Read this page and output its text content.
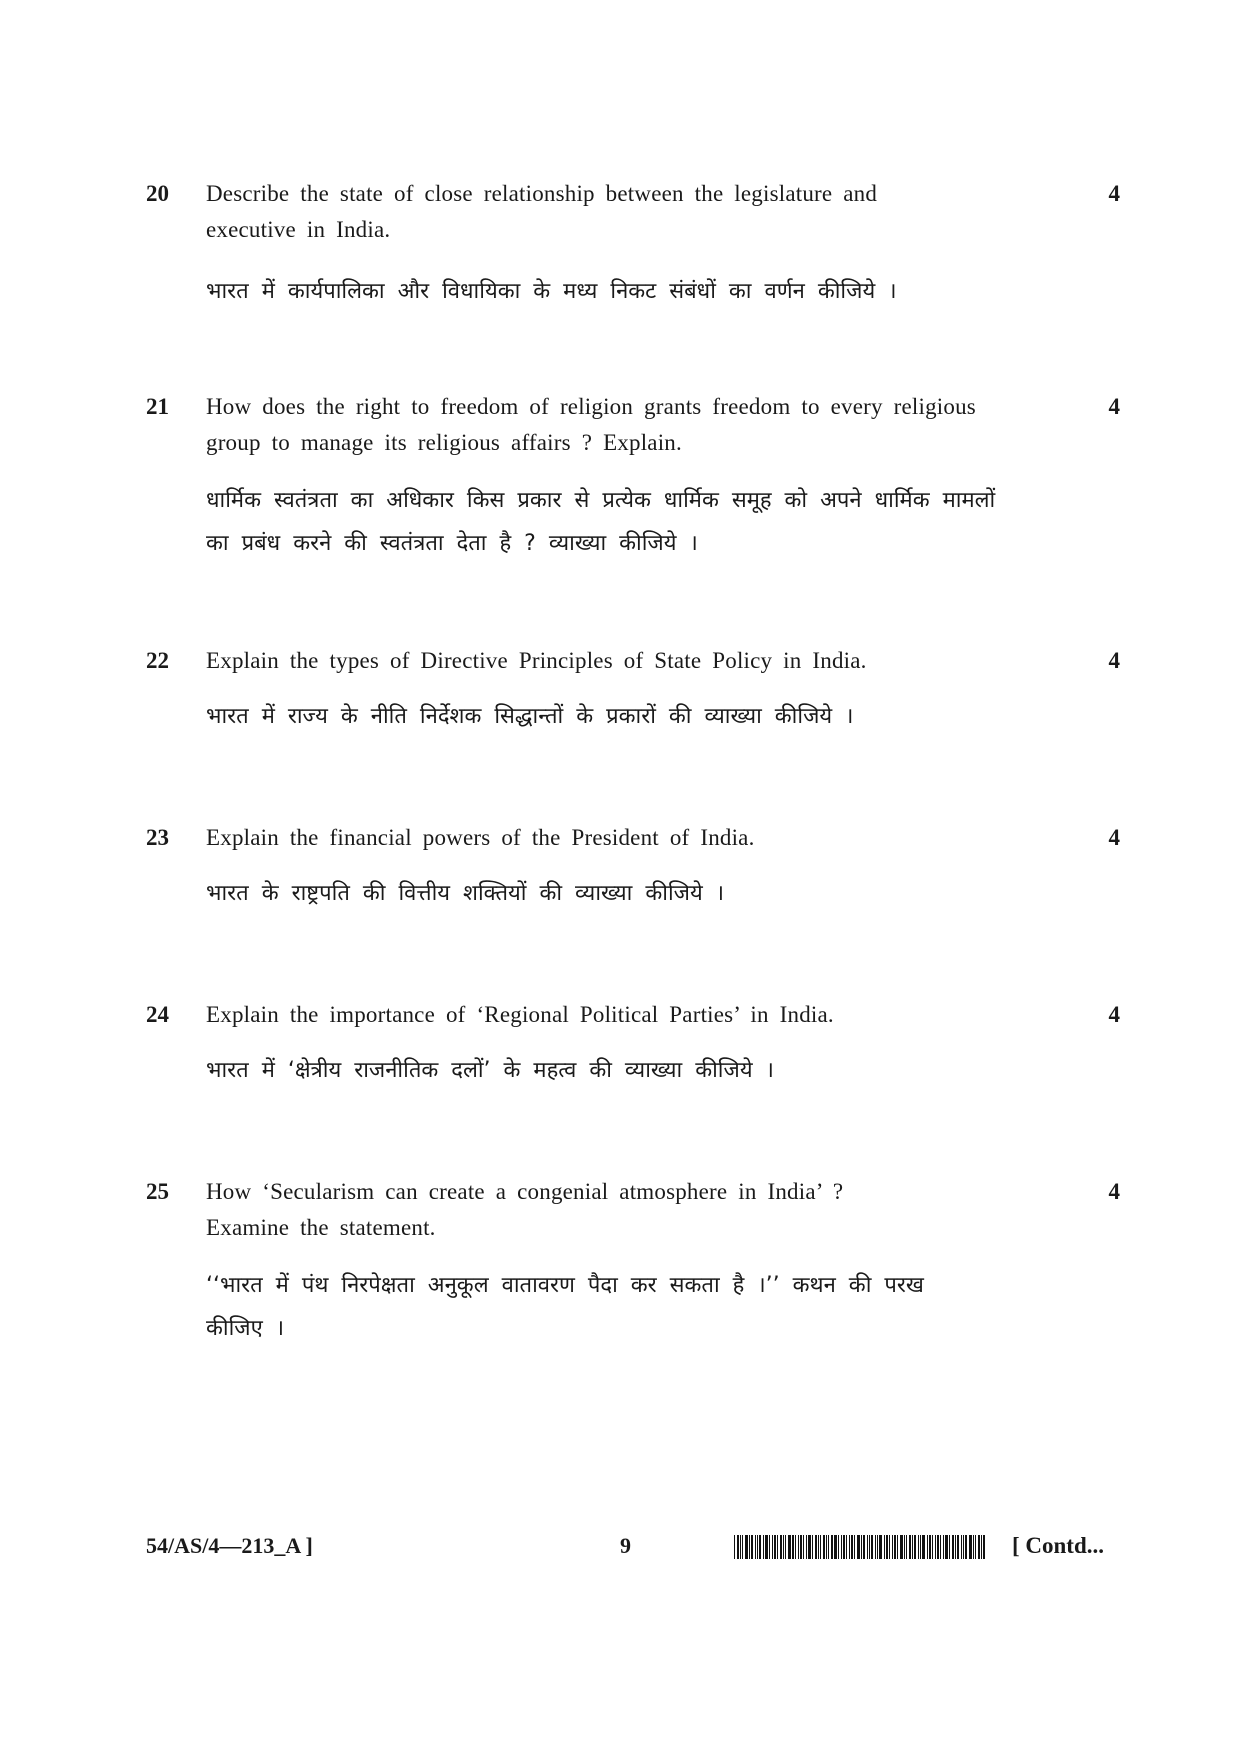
20 Describe the state of close relationship between the legislature and
executive in India.
4
भारत में कार्यपालिका और विधायिका के मध्य निकट संबंधों का वर्णन कीजिये ।
21 How does the right to freedom of religion grants freedom to every religious
group to manage its religious affairs ? Explain.
4
धार्मिक स्वतंत्रता का अधिकार किस प्रकार से प्रत्येक धार्मिक समूह को अपने धार्मिक मामलों
का प्रबंध करने की स्वतंत्रता देता है ? व्याख्या कीजिये ।
22 Explain the types of Directive Principles of State Policy in India.	4
भारत में राज्य के नीति निर्देशक सिद्धान्तों के प्रकारों की व्याख्या कीजिये ।
23 Explain the financial powers of the President of India.	4
भारत के राष्ट्रपति की वित्तीय शक्तियों की व्याख्या कीजिये ।
24 Explain the importance of ‘Regional Political Parties’ in India.	4
भारत में ‘क्षेत्रीय राजनीतिक दलों’ के महत्व की व्याख्या कीजिये ।
25 How ‘Secularism can create a congenial atmosphere in India’ ?
Examine the statement.
4
‘‘भारत में पंथ निरपेक्षता अनुकूल वातावरण पैदा कर सकता है ।’’ कथन की परख
कीजिए ।
54/AS/4—213_A ]	9	[ Contd...
